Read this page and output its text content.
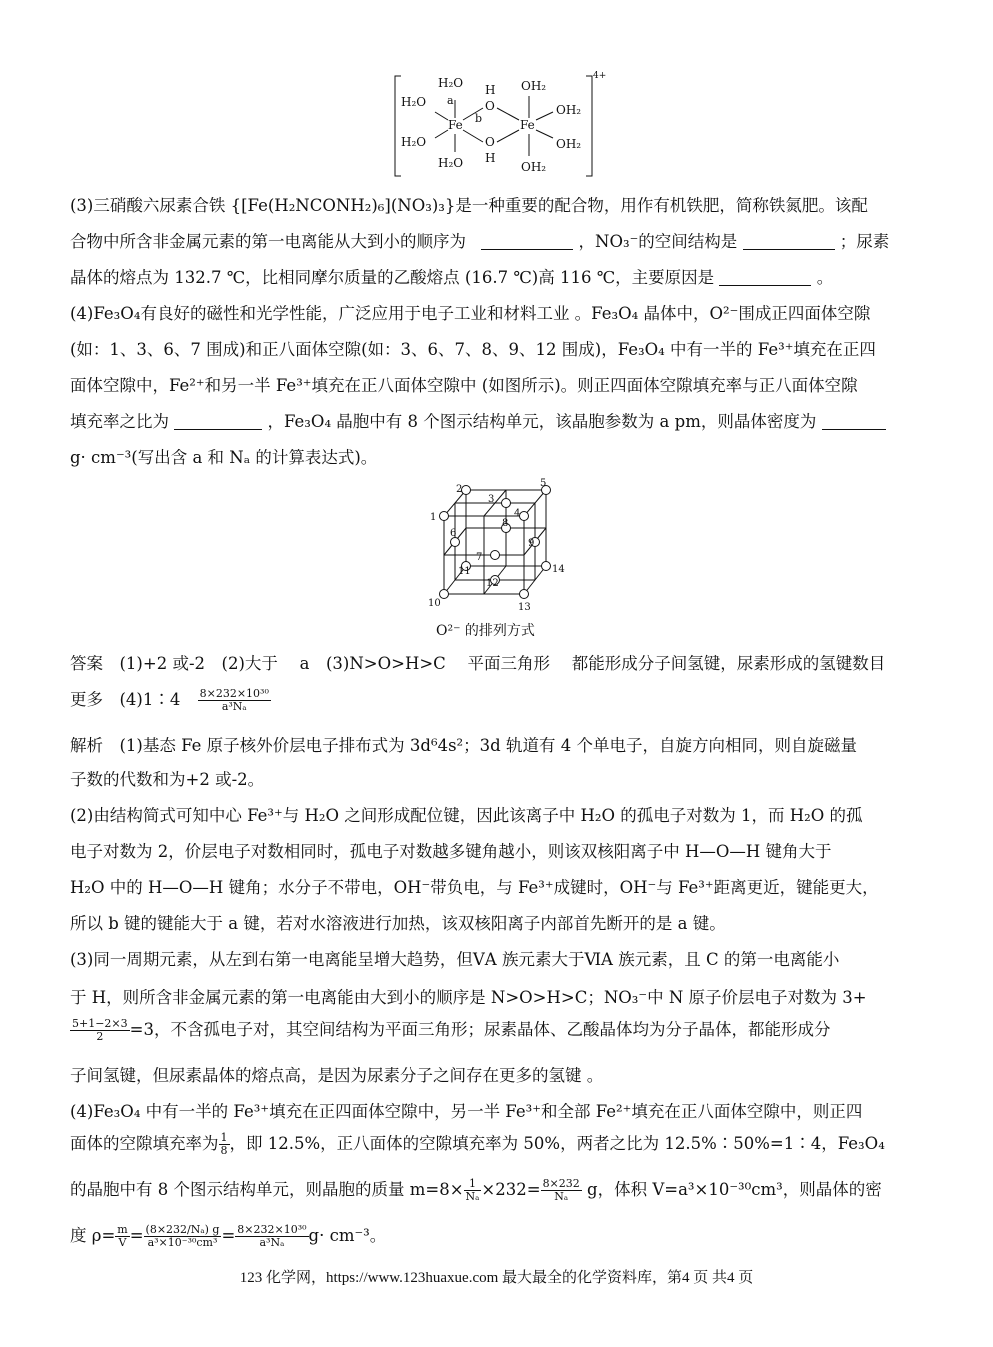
H₂O
H₂O
H₂O
H₂O
a
b
H
O
O
H
Fe	Fe
OH₂
OH₂
OH₂
OH₂
4+
(3)三硝酸六尿素合铁 {[Fe(H₂NCONH₂)₆](NO₃)₃}是一种重要的配合物，用作有机铁肥，简称铁氮肥。该配
合物中所含非金属元素的第一电离能从大到小的顺序为	，NO₃⁻的空间结构是	；尿素
晶体的熔点为 132.7 ℃，比相同摩尔质量的乙酸熔点 (16.7 ℃)高 116 ℃，主要原因是	。
(4)Fe₃O₄有良好的磁性和光学性能，广泛应用于电子工业和材料工业 。Fe₃O₄ 晶体中，O²⁻围成正四面体空隙
(如：1、3、6、7 围成)和正八面体空隙(如：3、6、7、8、9、12 围成)，Fe₃O₄ 中有一半的 Fe³⁺填充在正四
面体空隙中，Fe²⁺和另一半 Fe³⁺填充在正八面体空隙中 (如图所示)。则正四面体空隙填充率与正八面体空隙
填充率之比为	，Fe₃O₄ 晶胞中有 8 个图示结构单元，该晶胞参数为 a pm，则晶体密度为
g· cm⁻³(写出含 a 和 Nₐ 的计算表达式)。
1
2
3
4
5
6
7
8
9
10
11
12
13
14
O²⁻ 的排列方式
答案　(1)+2 或-2　(2)大于　 a　(3)N>O>H>C　 平面三角形　 都能形成分子间氢键，尿素形成的氢键数目
更多　(4)1∶4 $\frac{\text{8×232×10³⁰}}{\text{a³Nₐ}}$
解析　(1)基态 Fe 原子核外价层电子排布式为 3d⁶4s²；3d 轨道有 4 个单电子，自旋方向相同，则自旋磁量
子数的代数和为+2 或-2。
(2)由结构简式可知中心 Fe³⁺与 H₂O 之间形成配位键，因此该离子中 H₂O 的孤电子对数为 1，而 H₂O 的孤
电子对数为 2，价层电子对数相同时，孤电子对数越多键角越小，则该双核阳离子中 H—O—H 键角大于
H₂O 中的 H—O—H 键角；水分子不带电，OH⁻带负电，与 Fe³⁺成键时，OH⁻与 Fe³⁺距离更近，键能更大，
所以 b 键的键能大于 a 键，若对水溶液进行加热，该双核阳离子内部首先断开的是 a 键。
(3)同一周期元素，从左到右第一电离能呈增大趋势，但ⅤA 族元素大于ⅥA 族元素，且 C 的第一电离能小
于 H，则所含非金属元素的第一电离能由大到小的顺序是 N>O>H>C；NO₃⁻中 N 原子价层电子对数为 3+
$\frac{5+1-2\times 3}{2} =3$，不含孤电子对，其空间结构为平面三角形；尿素晶体、乙酸晶体均为分子晶体，都能形成分
子间氢键，但尿素晶体的熔点高，是因为尿素分子之间存在更多的氢键 。
(4)Fe₃O₄ 中有一半的 Fe³⁺填充在正四面体空隙中，另一半 Fe³⁺和全部 Fe²⁺填充在正八面体空隙中，则正四
面体的空隙填充率为 $\frac{1}{8}$ ，即 12.5%，正八面体的空隙填充率为 50%，两者之比为 12.5%∶50%=1∶4，Fe₃O₄
的晶胞中有 8 个图示结构单元，则晶胞的质量 $m=8\times \frac{1}{\text{Nₐ}} \times 232= \frac{8\times 232}{\text{Nₐ}}$ g，体积 V=a³×10⁻³⁰cm³，则晶体的密
度 $\rho= \frac{m}{V} = \frac{\text{(8×232/Nₐ) g}}{\text{a³×10⁻³⁰cm³}} = \frac{\text{8×232×10³⁰}}{\text{a³Nₐ}} g\cdot cm^{-3}$。
123 化学网，https://www.123huaxue.com 最大最全的化学资料库，第4 页 共4 页
